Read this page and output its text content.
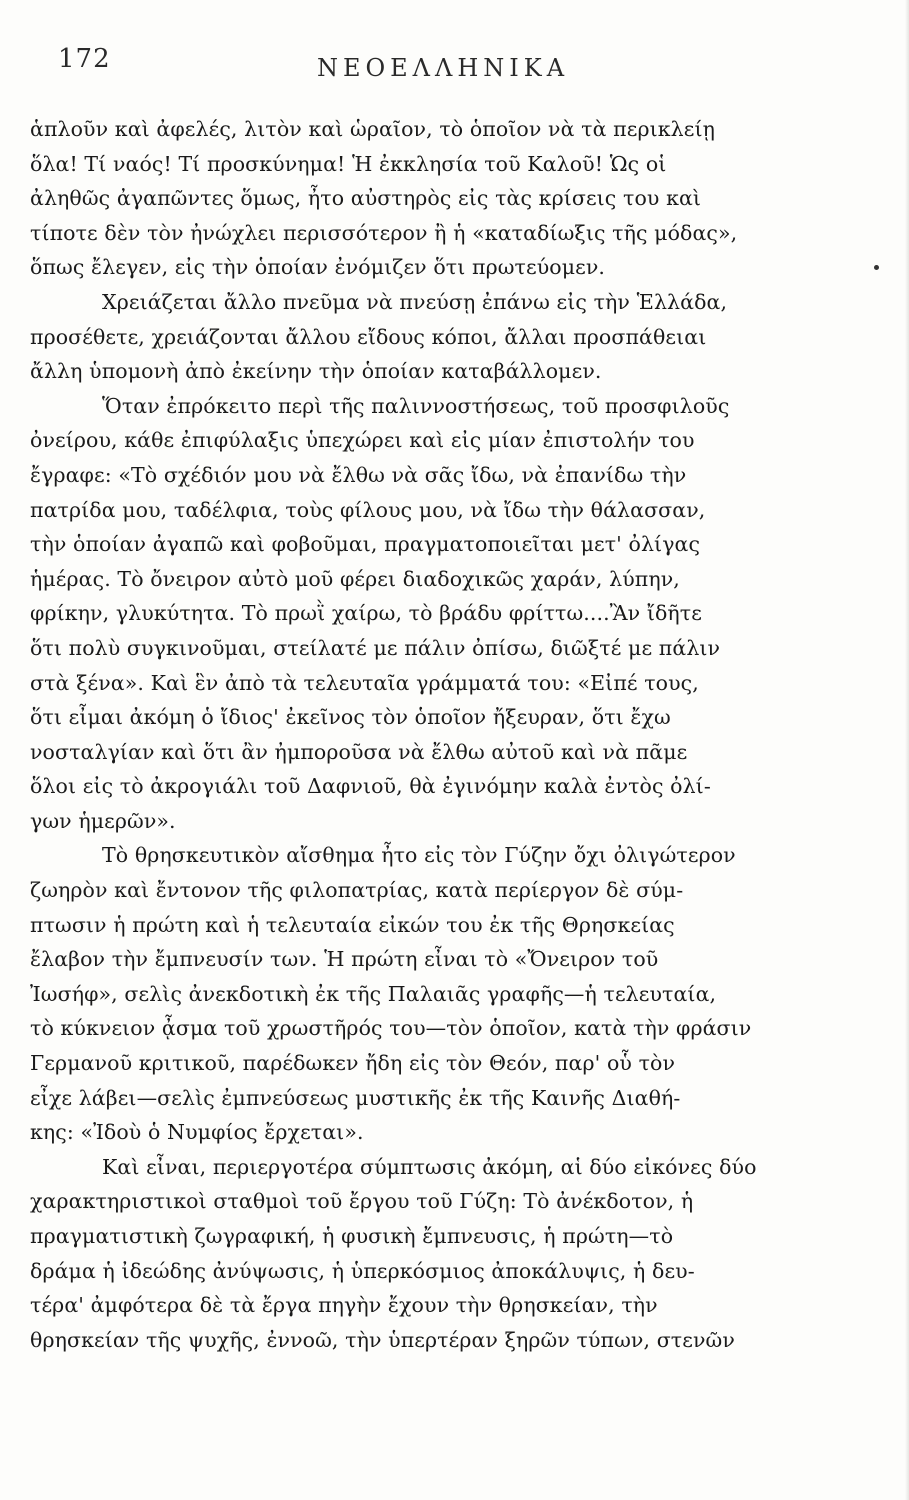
172	ΝΕΟΕΛΛΗΝΙΚΑ
ἁπλοῦν καὶ ἀφελές, λιτὸν καὶ ὡραῖον, τὸ ὁποῖον νὰ τὰ περικλείῃ
ὅλα! Τί ναός! Τί προσκύνημα! Ἡ ἐκκλησία τοῦ Καλοῦ! Ὡς οἱ
ἀληθῶς ἀγαπῶντες ὅμως, ἦτο αὐστηρὸς εἰς τὰς κρίσεις του καὶ
τίποτε δὲν τὸν ἠνώχλει περισσότερον ἢ ἡ «καταδίωξις τῆς μόδας»,
ὅπως ἔλεγεν, εἰς τὴν ὁποίαν ἐνόμιζεν ὅτι πρωτεύομεν.
Χρειάζεται ἄλλο πνεῦμα νὰ πνεύσῃ ἐπάνω εἰς τὴν Ἑλλάδα,
προσέθετε, χρειάζονται ἄλλου εἴδους κόποι, ἄλλαι προσπάθειαι
ἄλλη ὑπομονὴ ἀπὸ ἐκείνην τὴν ὁποίαν καταβάλλομεν.
Ὅταν ἐπρόκειτο περὶ τῆς παλιννοστήσεως, τοῦ προσφιλοῦς
ὀνείρου, κάθε ἐπιφύλαξις ὑπεχώρει καὶ εἰς μίαν ἐπιστολήν του
ἔγραφε: «Τὸ σχέδιόν μου νὰ ἔλθω νὰ σᾶς ἴδω, νὰ ἐπανίδω τὴν
πατρίδα μου, ταδέλφια, τοὺς φίλους μου, νὰ ἴδω τὴν θάλασσαν,
τὴν ὁποίαν ἀγαπῶ καὶ φοβοῦμαι, πραγματοποιεῖται μετ' ὀλίγας
ἡμέρας. Τὸ ὄνειρον αὐτὸ μοῦ φέρει διαδοχικῶς χαράν, λύπην,
φρίκην, γλυκύτητα. Τὸ πρωῒ χαίρω, τὸ βράδυ φρίττω....Ἂν ἴδῆτε
ὅτι πολὺ συγκινοῦμαι, στείλατέ με πάλιν ὀπίσω, διῶξτέ με πάλιν
στὰ ξένα». Καὶ ἓν ἀπὸ τὰ τελευταῖα γράμματά του: «Εἰπέ τους,
ὅτι εἶμαι ἀκόμη ὁ ἴδιος' ἐκεῖνος τὸν ὁποῖον ἤξευραν, ὅτι ἔχω
νοσταλγίαν καὶ ὅτι ἂν ἠμποροῦσα νὰ ἔλθω αὐτοῦ καὶ νὰ πᾶμε
ὅλοι εἰς τὸ ἀκρογιάλι τοῦ Δαφνιοῦ, θὰ ἐγινόμην καλὰ ἐντὸς ὀλί-
γων ἡμερῶν».
Τὸ θρησκευτικὸν αἴσθημα ἦτο εἰς τὸν Γύζην ὄχι ὀλιγώτερον
ζωηρὸν καὶ ἔντονον τῆς φιλοπατρίας, κατὰ περίεργον δὲ σύμ-
πτωσιν ἡ πρώτη καὶ ἡ τελευταία εἰκών του ἐκ τῆς Θρησκείας
ἔλαβον τὴν ἔμπνευσίν των. Ἡ πρώτη εἶναι τὸ «Ὄνειρον τοῦ
Ἰωσήφ», σελὶς ἀνεκδοτικὴ ἐκ τῆς Παλαιᾶς γραφῆς—ἡ τελευταία,
τὸ κύκνειον ᾆσμα τοῦ χρωστῆρός του—τὸν ὁποῖον, κατὰ τὴν φράσιν
Γερμανοῦ κριτικοῦ, παρέδωκεν ἤδη εἰς τὸν Θεόν, παρ' οὗ τὸν
εἶχε λάβει—σελὶς ἐμπνεύσεως μυστικῆς ἐκ τῆς Καινῆς Διαθή-
κης: «Ἰδοὺ ὁ Νυμφίος ἔρχεται».
Καὶ εἶναι, περιεργοτέρα σύμπτωσις ἀκόμη, αἱ δύο εἰκόνες δύο
χαρακτηριστικοὶ σταθμοὶ τοῦ ἔργου τοῦ Γύζη: Τὸ ἀνέκδοτον, ἡ
πραγματιστικὴ ζωγραφική, ἡ φυσικὴ ἔμπνευσις, ἡ πρώτη—τὸ
δράμα ἡ ἰδεώδης ἀνύψωσις, ἡ ὑπερκόσμιος ἀποκάλυψις, ἡ δευ-
τέρα' ἀμφότερα δὲ τὰ ἔργα πηγὴν ἔχουν τὴν θρησκείαν, τὴν
θρησκείαν τῆς ψυχῆς, ἐννοῶ, τὴν ὑπερτέραν ξηρῶν τύπων, στενῶν
